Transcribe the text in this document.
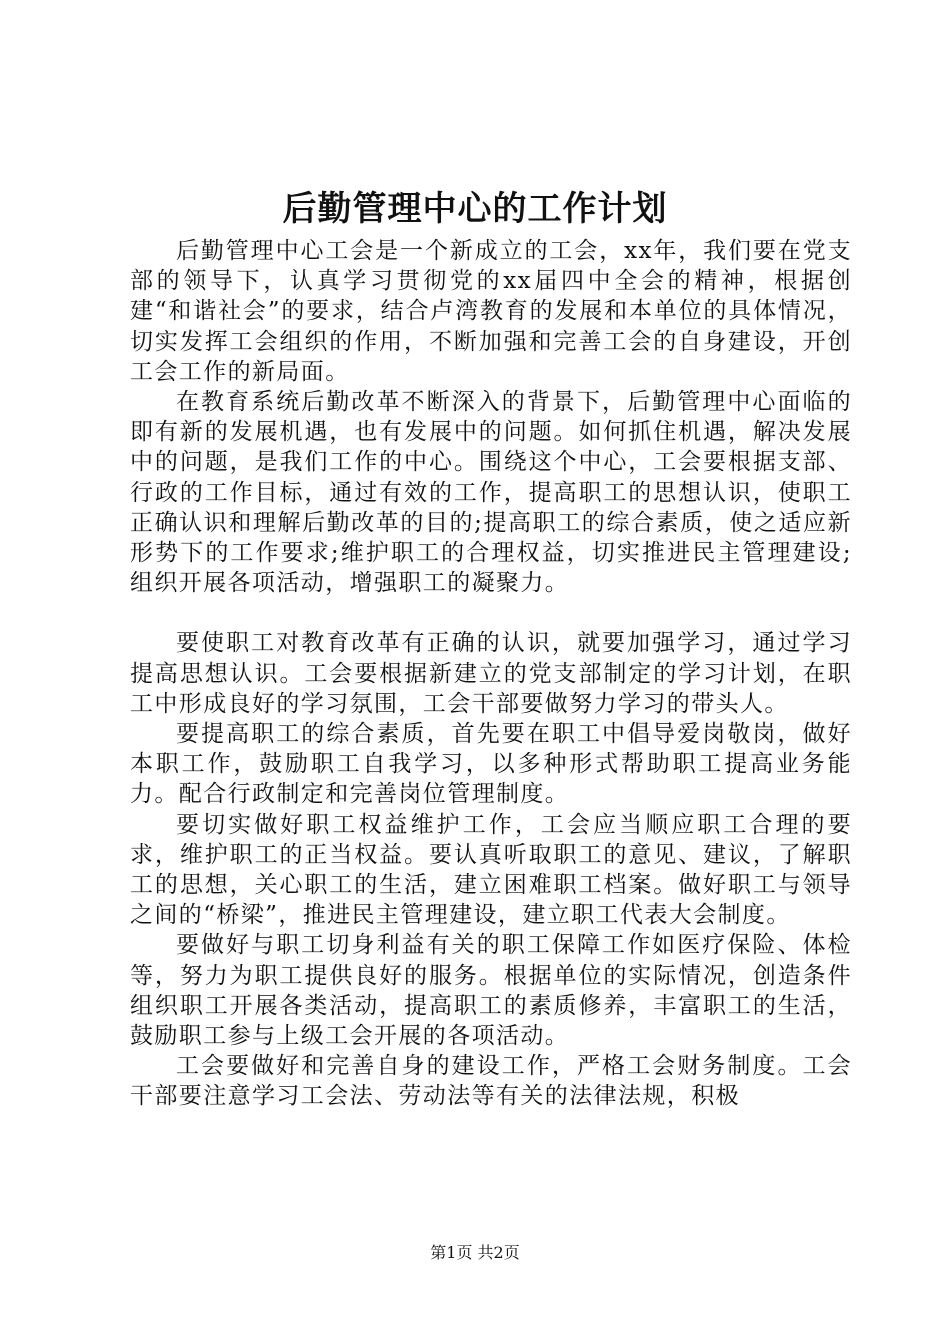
后勤管理中心的工作计划

后勤管理中心工会是一个新成立的工会，xx年，我们要在党支部的领导下，认真学习贯彻党的xx届四中全会的精神，根据创建“和谐社会”的要求，结合卢湾教育的发展和本单位的具体情况，切实发挥工会组织的作用，不断加强和完善工会的自身建设，开创工会工作的新局面。

在教育系统后勤改革不断深入的背景下，后勤管理中心面临的即有新的发展机遇，也有发展中的问题。如何抓住机遇，解决发展中的问题，是我们工作的中心。围绕这个中心，工会要根据支部、行政的工作目标，通过有效的工作，提高职工的思想认识，使职工正确认识和理解后勤改革的目的;提高职工的综合素质，使之适应新形势下的工作要求;维护职工的合理权益，切实推进民主管理建设;组织开展各项活动，增强职工的凝聚力。

要使职工对教育改革有正确的认识，就要加强学习，通过学习提高思想认识。工会要根据新建立的党支部制定的学习计划，在职工中形成良好的学习氛围，工会干部要做努力学习的带头人。

要提高职工的综合素质，首先要在职工中倡导爱岗敬岗，做好本职工作，鼓励职工自我学习，以多种形式帮助职工提高业务能力。配合行政制定和完善岗位管理制度。

要切实做好职工权益维护工作，工会应当顺应职工合理的要求，维护职工的正当权益。要认真听取职工的意见、建议，了解职工的思想，关心职工的生活，建立困难职工档案。做好职工与领导之间的“桥梁”，推进民主管理建设，建立职工代表大会制度。

要做好与职工切身利益有关的职工保障工作如医疗保险、体检等，努力为职工提供良好的服务。根据单位的实际情况，创造条件组织职工开展各类活动，提高职工的素质修养，丰富职工的生活，鼓励职工参与上级工会开展的各项活动。

工会要做好和完善自身的建设工作，严格工会财务制度。工会干部要注意学习工会法、劳动法等有关的法律法规，积极

第1页 共2页
